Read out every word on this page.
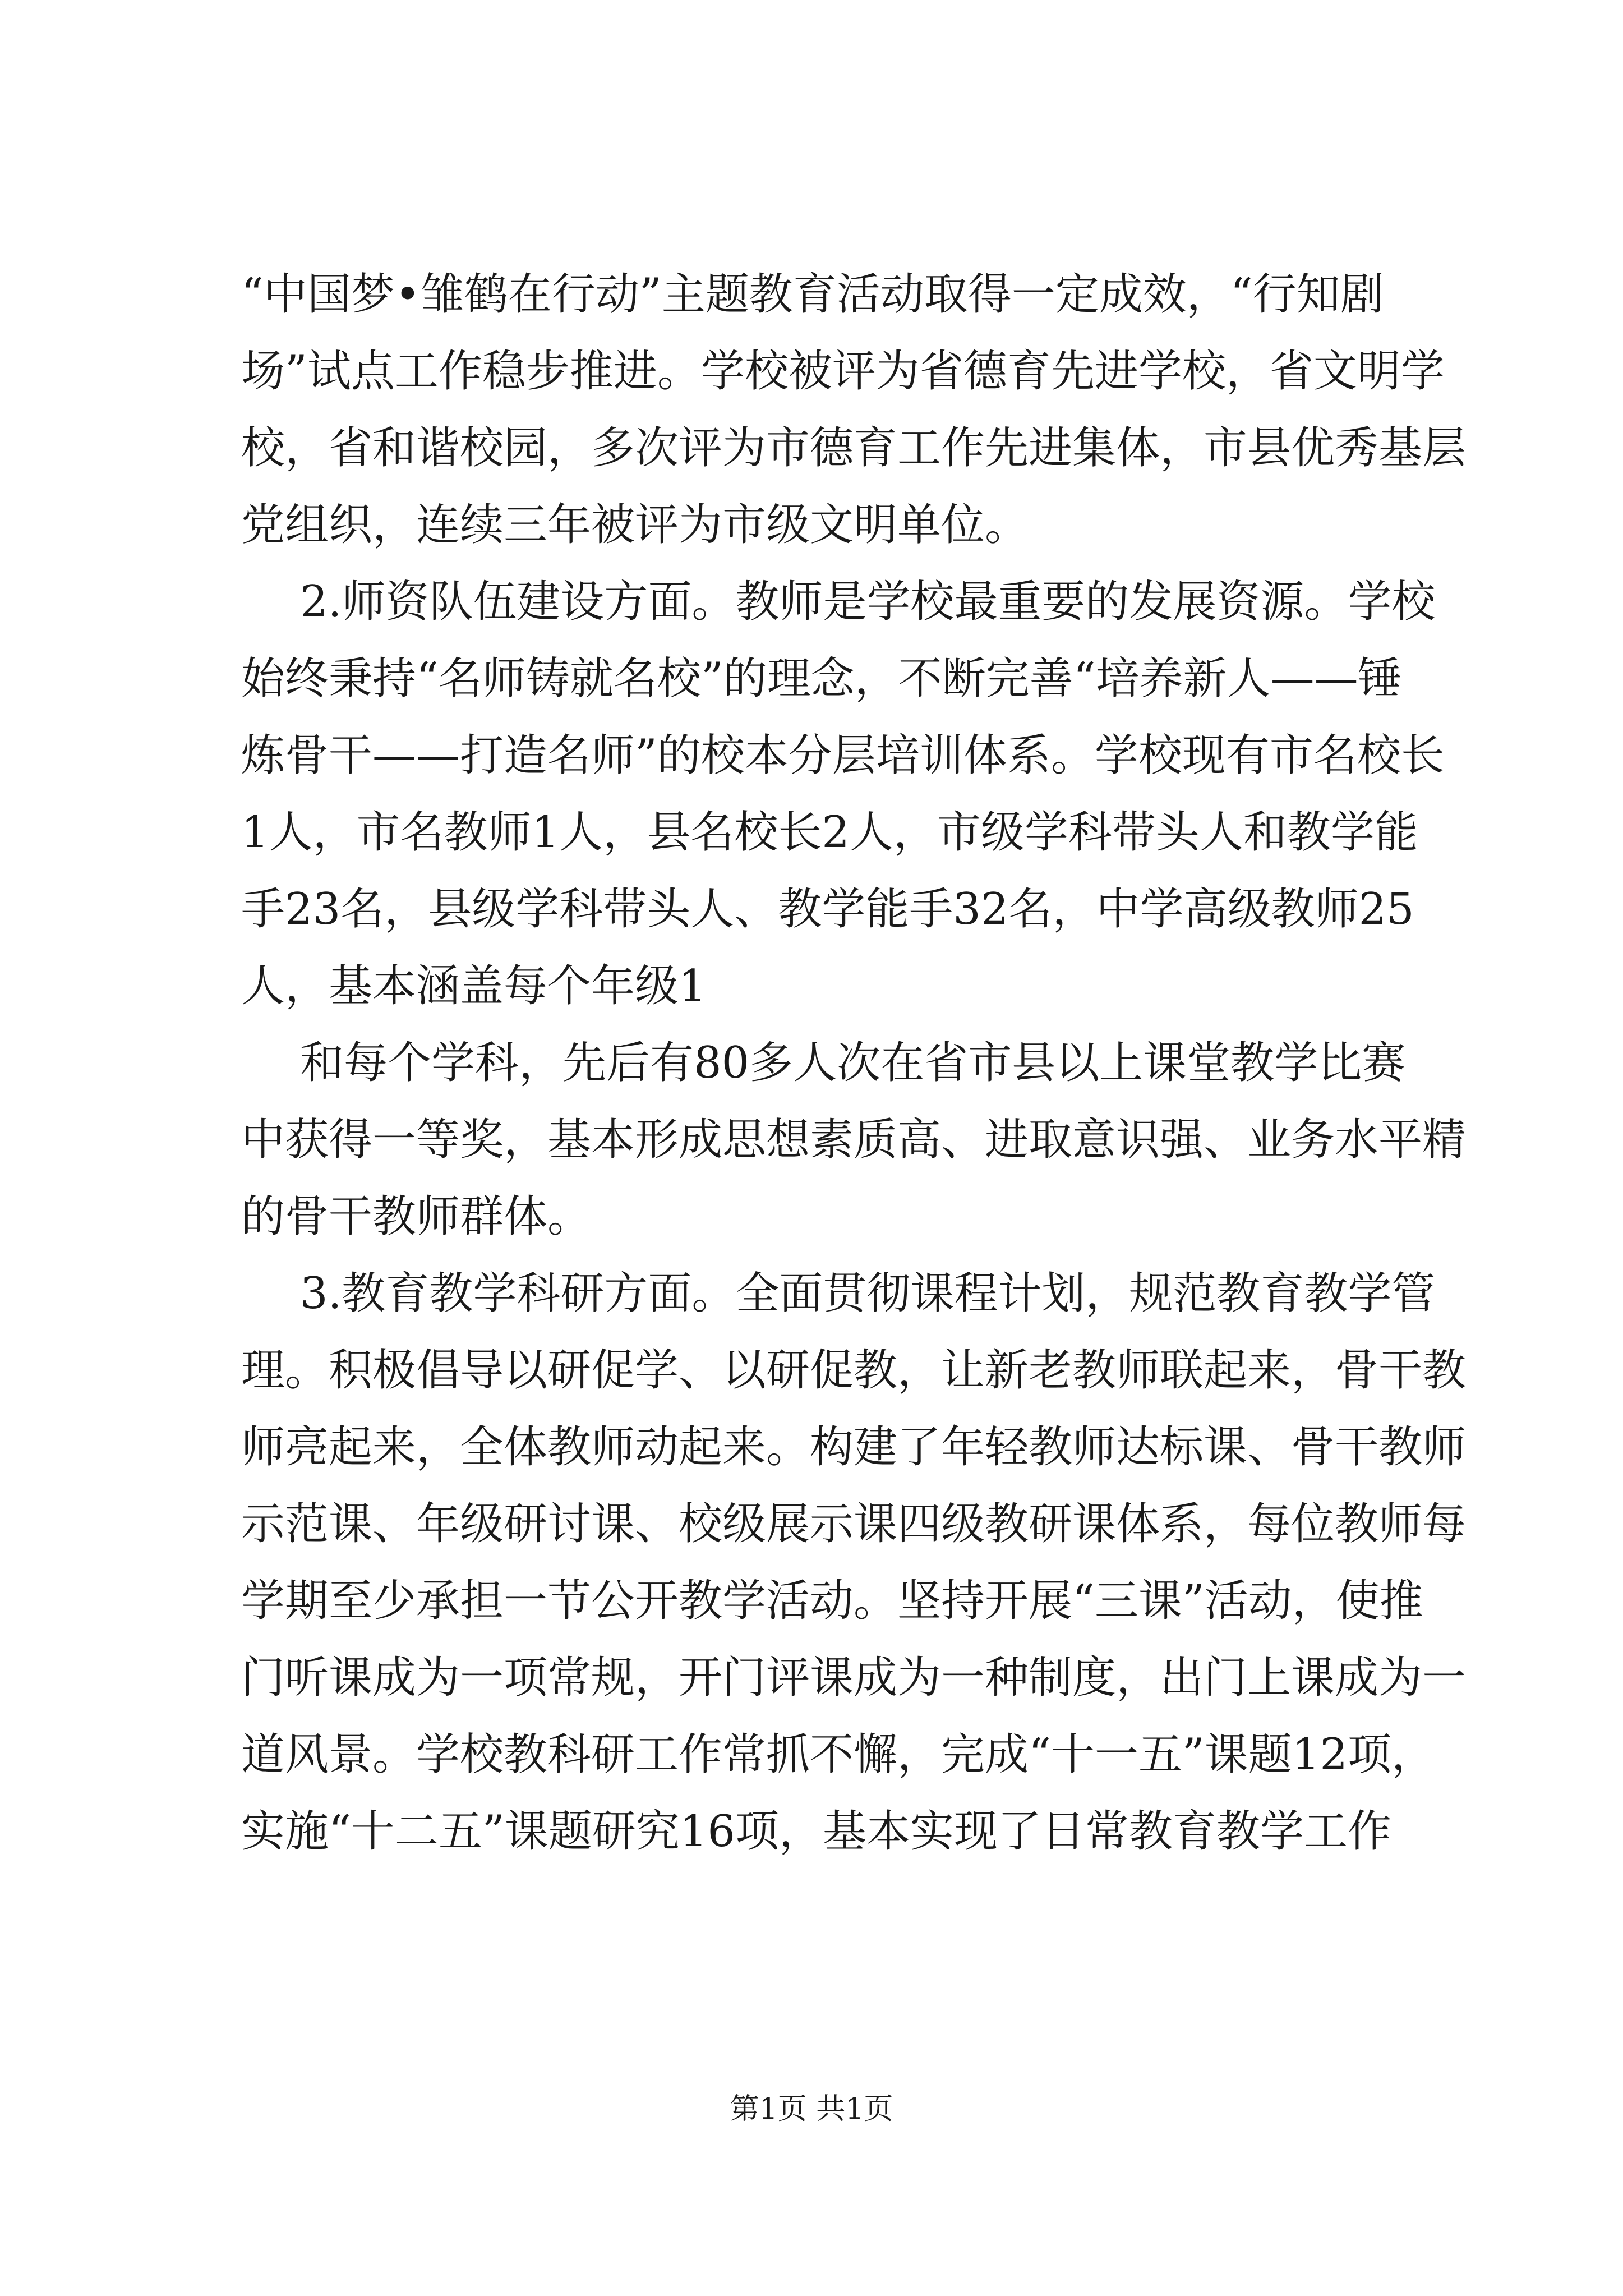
“中国梦•雏鹤在行动”主题教育活动取得一定成效，“行知剧
场”试点工作稳步推进。学校被评为省德育先进学校，省文明学
校，省和谐校园，多次评为市德育工作先进集体，市县优秀基层
党组织，连续三年被评为市级文明单位。
2.师资队伍建设方面。教师是学校最重要的发展资源。学校
始终秉持“名师铸就名校”的理念，不断完善“培养新人——锤
炼骨干——打造名师”的校本分层培训体系。学校现有市名校长
1人，市名教师1人，县名校长2人，市级学科带头人和教学能
手23名，县级学科带头人、教学能手32名，中学高级教师25
人，基本涵盖每个年级1
和每个学科，先后有80多人次在省市县以上课堂教学比赛
中获得一等奖，基本形成思想素质高、进取意识强、业务水平精
的骨干教师群体。
3.教育教学科研方面。全面贯彻课程计划，规范教育教学管
理。积极倡导以研促学、以研促教，让新老教师联起来，骨干教
师亮起来，全体教师动起来。构建了年轻教师达标课、骨干教师
示范课、年级研讨课、校级展示课四级教研课体系，每位教师每
学期至少承担一节公开教学活动。坚持开展“三课”活动，使推
门听课成为一项常规，开门评课成为一种制度，出门上课成为一
道风景。学校教科研工作常抓不懈，完成“十一五”课题12项，
实施“十二五”课题研究16项，基本实现了日常教育教学工作
第1页 共1页
